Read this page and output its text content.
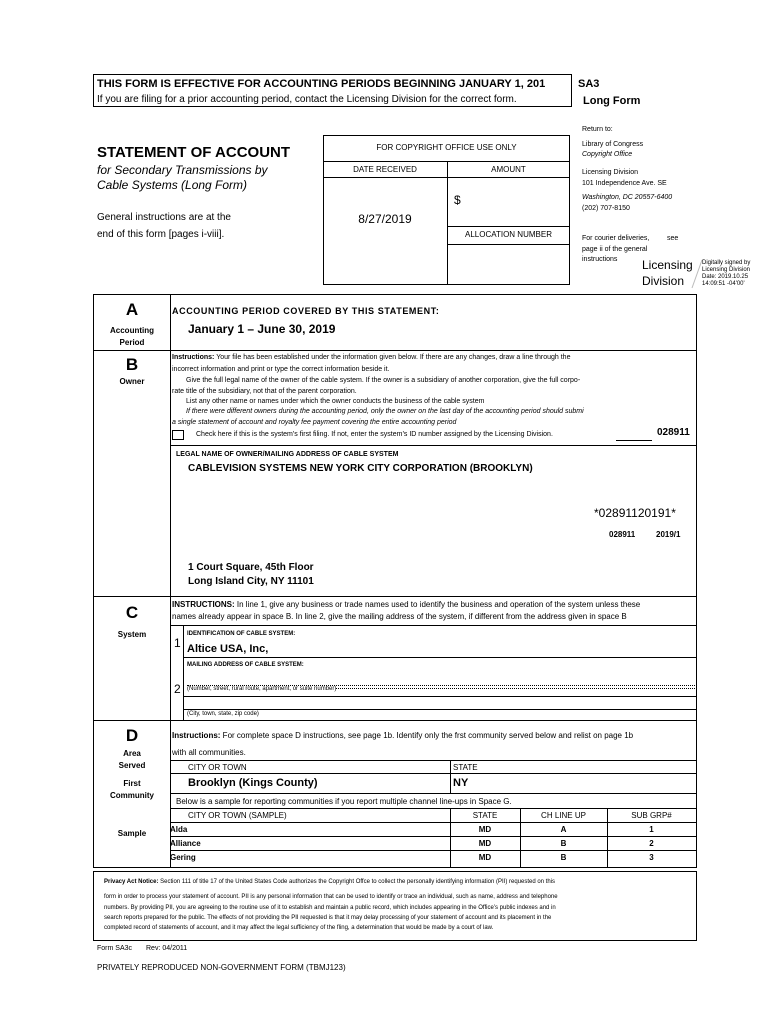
THIS FORM IS EFFECTIVE FOR ACCOUNTING PERIODS BEGINNING JANUARY 1, 201	SA3
If you are filing for a prior accounting period, contact the Licensing Division for the correct form.	Long Form
STATEMENT OF ACCOUNT
for Secondary Transmissions by
Cable Systems (Long Form)
General instructions are at the
end of this form [pages i-viii].
FOR COPYRIGHT OFFICE USE ONLY
DATE RECEIVED	AMOUNT
8/27/2019
$
ALLOCATION NUMBER
Return to:
Library of Congress
Copyright Office
Licensing Division
101 Independence Ave. SE
Washington, DC 20557-6400
(202) 707-8150
For courier deliveries,	see
page ii of the general
instructions Licensing
Division
Digitally signed by
Licensing Division
Date: 2019.10.25
14:09:51 -04'00'
A
Accounting
Period
ACCOUNTING PERIOD COVERED BY THIS STATEMENT:
January 1 – June 30, 2019
B
Owner
Instructions: Your file has been established under the information given below. If there are any changes, draw a line through the
incorrect information and print or type the correct information beside it.
Give the full legal name of the owner of the cable system. If the owner is a subsidiary of another corporation, give the full corpo-
rate title of the subsidiary, not that of the parent corporation.
List any other name or names under which the owner conducts the business of the cable system
If there were different owners during the accounting period, only the owner on the last day of the accounting period should submi
a single statement of account and royalty fee payment covering the entire accounting period
Check here if this is the system’s first filing. If not, enter the system’s ID number assigned by the Licensing Division.	028911
LEGAL NAME OF OWNER/MAILING ADDRESS OF CABLE SYSTEM
CABLEVISION SYSTEMS NEW YORK CITY CORPORATION (BROOKLYN)
*02891120191*
028911	2019/1
1 Court Square, 45th Floor
Long Island City, NY 11101
C
System
INSTRUCTIONS: In line 1, give any business or trade names used to identify the business and operation of the system unless these
names already appear in space B. In line 2, give the mailing address of the system, if different from the address given in space B
1
IDENTIFICATION OF CABLE SYSTEM:
Altice USA, Inc,
MAILING ADDRESS OF CABLE SYSTEM:
2 (Number, street, rural route, apartment, or suite number)
(City, town, state, zip code)
D
Area
Served
First
Community
Sample
Instructions: For complete space D instructions, see page 1b. Identify only the frst community served below and relist on page 1b
with all communities.
CITY OR TOWN	STATE
Brooklyn (Kings County)	NY
Below is a sample for reporting communities if you report multiple channel line-ups in Space G.
CITY OR TOWN (SAMPLE)	STATE	CH LINE UP	SUB GRP#
Alda	MD	A	1
Alliance	MD	B	2
Gering	MD	B	3
Privacy Act Notice: Section 111 of title 17 of the United States Code authorizes the Copyright Offce to collect the personally identifying information (PII) requested on this
form in order to process your statement of account. PII is any personal information that can be used to identify or trace an individual, such as name, address and telephone
numbers. By providing PII, you are agreeing to the routine use of it to establish and maintain a public record, which includes appearing in the Office’s public indexes and in
search reports prepared for the public. The effects of not providing the PII requested is that it may delay processing of your statement of account and its placement in the
completed record of statements of account, and it may affect the legal sufficiency of the fling, a determination that would be made by a court of law.
Form SA3c Rev: 04/2011
PRIVATELY REPRODUCED NON-GOVERNMENT FORM (TBMJ123)
